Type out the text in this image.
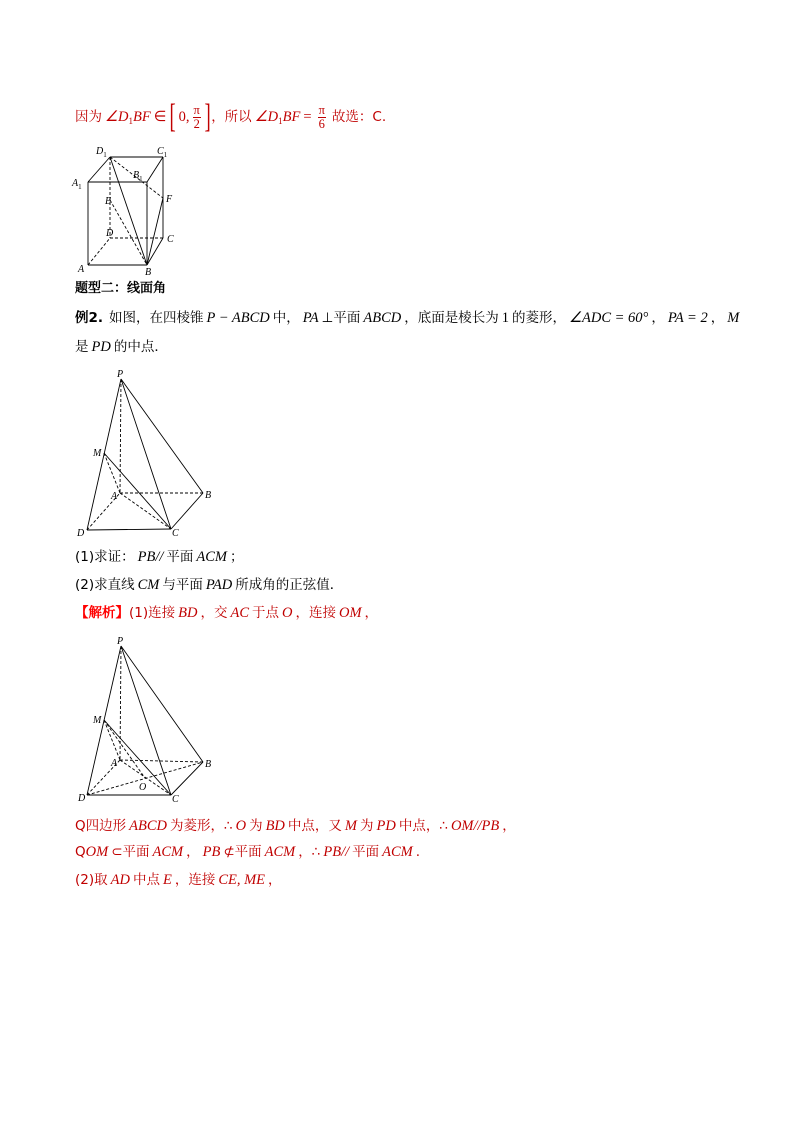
因为 ∠D 1 BF ∈ [ 0, $\frac{\pi}{2}$ ] ，所以 ∠D 1 BF = $\frac{\pi}{6}$ 故选：C.
$D_1$	$C_1$
$A_1$
$B_1$
E	F
D
C
A	B
题型二：线面角
例2. 如图，在四棱锥 P − ABCD 中， PA ⊥平面 ABCD ，底面是棱长为 1 的菱形， ∠ADC = 60° ， PA = 2 ， M
是 PD 的中点．
P
M
A	B
D	C
(1)求证： PB// 平面 ACM ；
(2)求直线 CM 与平面 PAD 所成角的正弦值．
【解析】 (1)连接 BD ，交 AC 于点 O ，连接 OM ，
P
M
A	B
D	C
O
Q四边形 ABCD 为菱形，∴ O 为 BD 中点，又 M 为 PD 中点，∴ OM//PB ，
Q OM ⊂平面 ACM ， PB ⊄平面 ACM ，∴ PB// 平面 ACM .
(2)取 AD 中点 E ，连接 CE, ME ，
